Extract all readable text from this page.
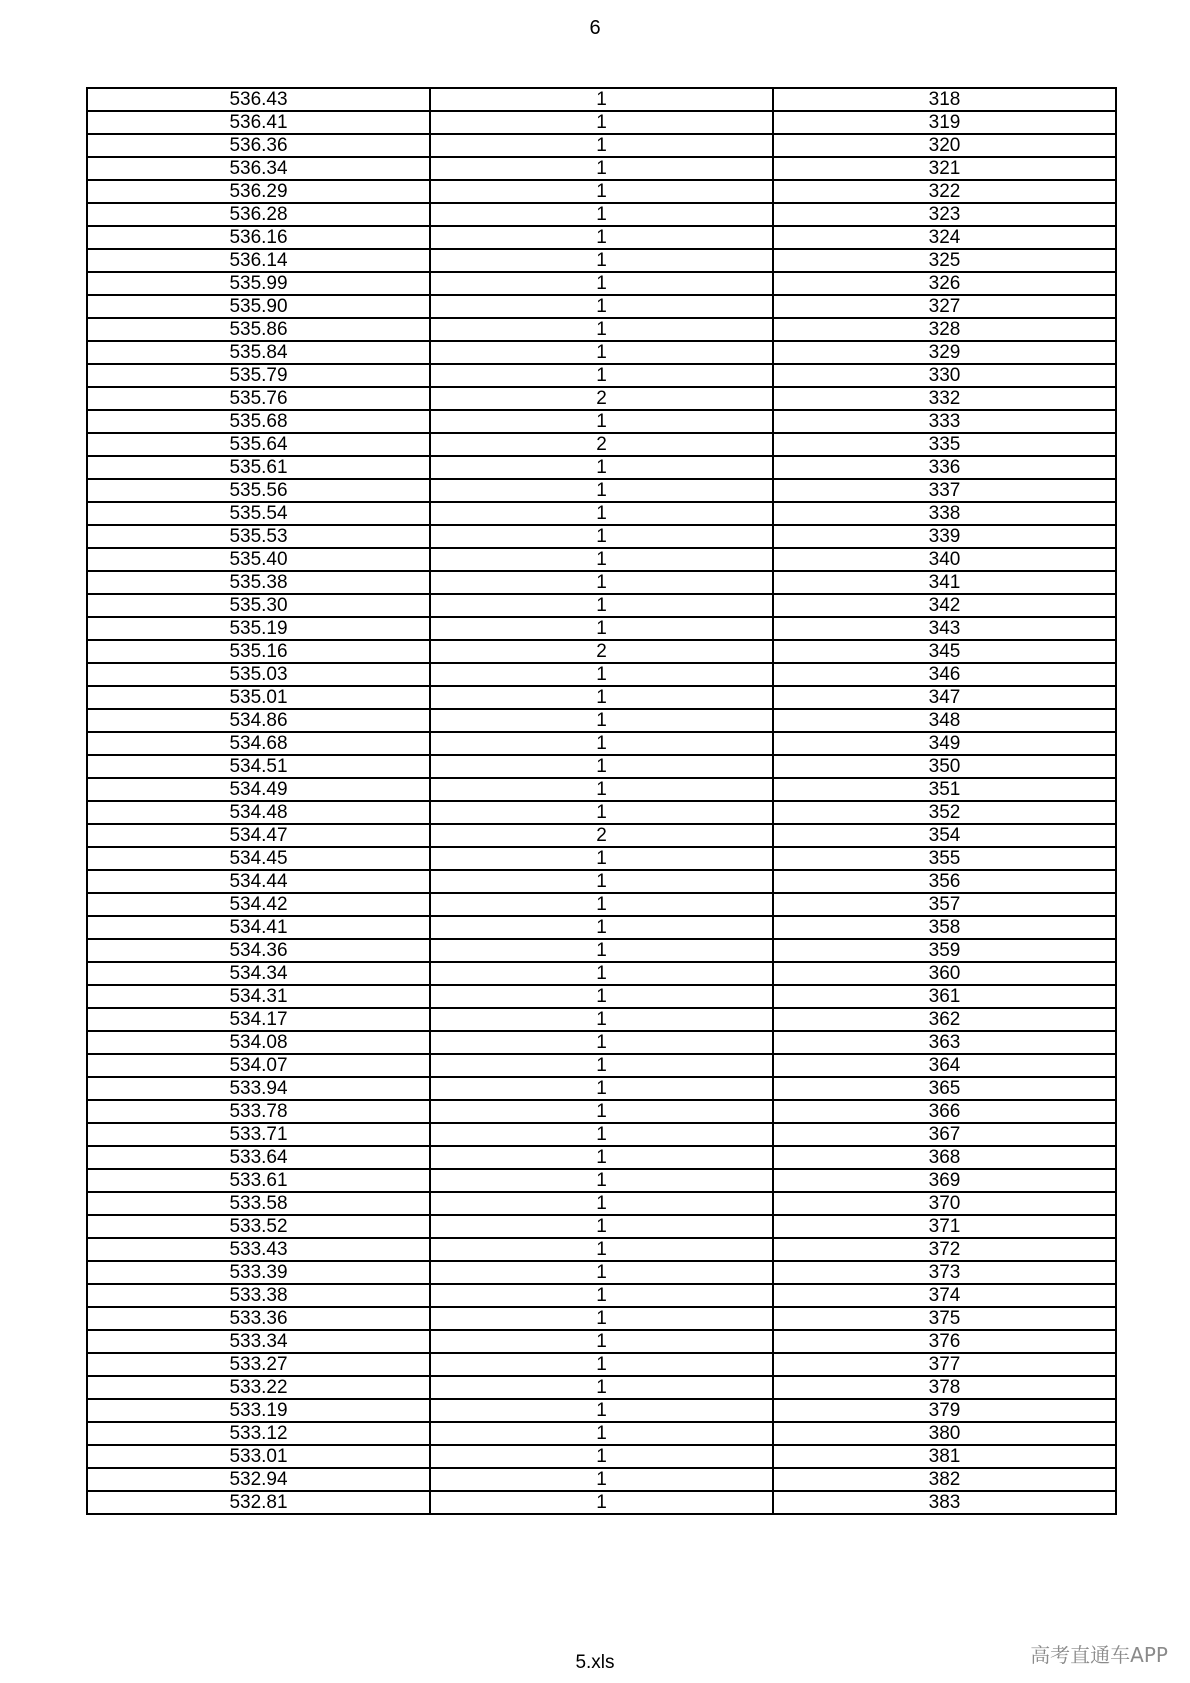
6
536.43	1	318
536.41	1	319
536.36	1	320
536.34	1	321
536.29	1	322
536.28	1	323
536.16	1	324
536.14	1	325
535.99	1	326
535.90	1	327
535.86	1	328
535.84	1	329
535.79	1	330
535.76	2	332
535.68	1	333
535.64	2	335
535.61	1	336
535.56	1	337
535.54	1	338
535.53	1	339
535.40	1	340
535.38	1	341
535.30	1	342
535.19	1	343
535.16	2	345
535.03	1	346
535.01	1	347
534.86	1	348
534.68	1	349
534.51	1	350
534.49	1	351
534.48	1	352
534.47	2	354
534.45	1	355
534.44	1	356
534.42	1	357
534.41	1	358
534.36	1	359
534.34	1	360
534.31	1	361
534.17	1	362
534.08	1	363
534.07	1	364
533.94	1	365
533.78	1	366
533.71	1	367
533.64	1	368
533.61	1	369
533.58	1	370
533.52	1	371
533.43	1	372
533.39	1	373
533.38	1	374
533.36	1	375
533.34	1	376
533.27	1	377
533.22	1	378
533.19	1	379
533.12	1	380
533.01	1	381
532.94	1	382
532.81	1	383
5.xls	高考直通车APP
